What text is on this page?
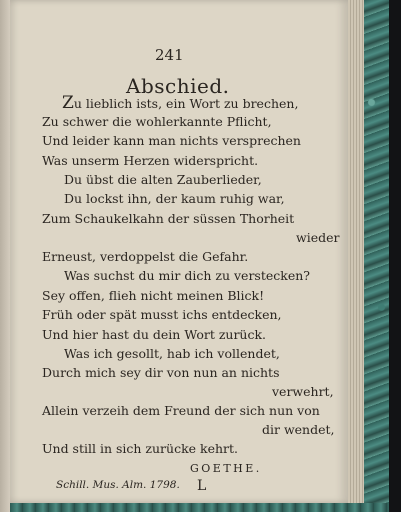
241
Abschied.
Zu lieblich ists, ein Wort zu brechen,
Zu schwer die wohlerkannte Pflicht,
Und leider kann man nichts versprechen
Was unserm Herzen widerspricht.
Du übst die alten Zauberlieder,
Du lockst ihn, der kaum ruhig war,
Zum Schaukelkahn der süssen Thorheit
wieder
Erneust, verdoppelst die Gefahr.
Was suchst du mir dich zu verstecken?
Sey offen, flieh nicht meinen Blick!
Früh oder spät musst ichs entdecken,
Und hier hast du dein Wort zurück.
Was ich gesollt, hab ich vollendet,
Durch mich sey dir von nun an nichts
verwehrt,
Allein verzeih dem Freund der sich nun von
dir wendet,
Und still in sich zurücke kehrt.
GOETHE.
Schill. Mus. Alm. 1798. L
